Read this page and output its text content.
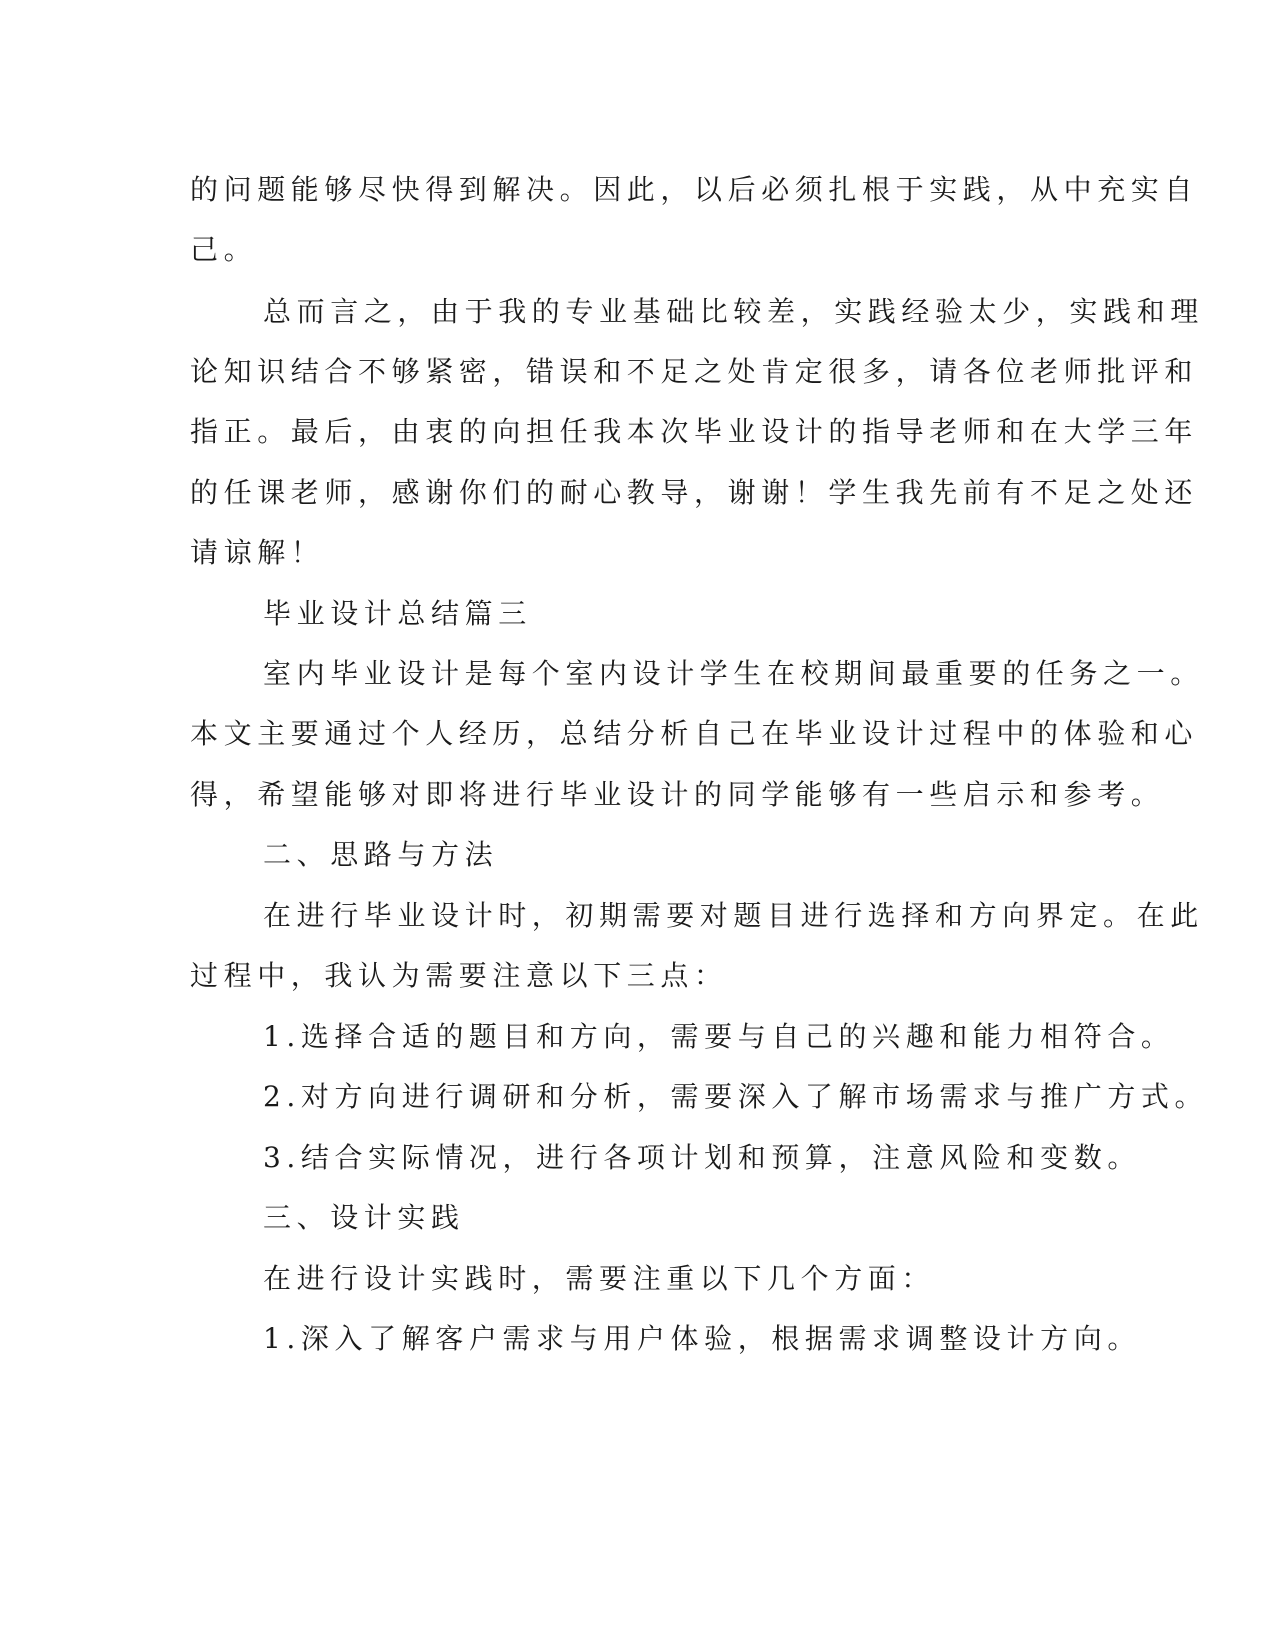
的问题能够尽快得到解决。因此，以后必须扎根于实践，从中充实自

己。

总而言之，由于我的专业基础比较差，实践经验太少，实践和理

论知识结合不够紧密，错误和不足之处肯定很多，请各位老师批评和

指正。最后，由衷的向担任我本次毕业设计的指导老师和在大学三年

的任课老师，感谢你们的耐心教导，谢谢！学生我先前有不足之处还

请谅解！

毕业设计总结篇三

室内毕业设计是每个室内设计学生在校期间最重要的任务之一。

本文主要通过个人经历，总结分析自己在毕业设计过程中的体验和心

得，希望能够对即将进行毕业设计的同学能够有一些启示和参考。

二、思路与方法

在进行毕业设计时，初期需要对题目进行选择和方向界定。在此

过程中，我认为需要注意以下三点：

1.选择合适的题目和方向，需要与自己的兴趣和能力相符合。

2.对方向进行调研和分析，需要深入了解市场需求与推广方式。

3.结合实际情况，进行各项计划和预算，注意风险和变数。

三、设计实践

在进行设计实践时，需要注重以下几个方面：

1.深入了解客户需求与用户体验，根据需求调整设计方向。
